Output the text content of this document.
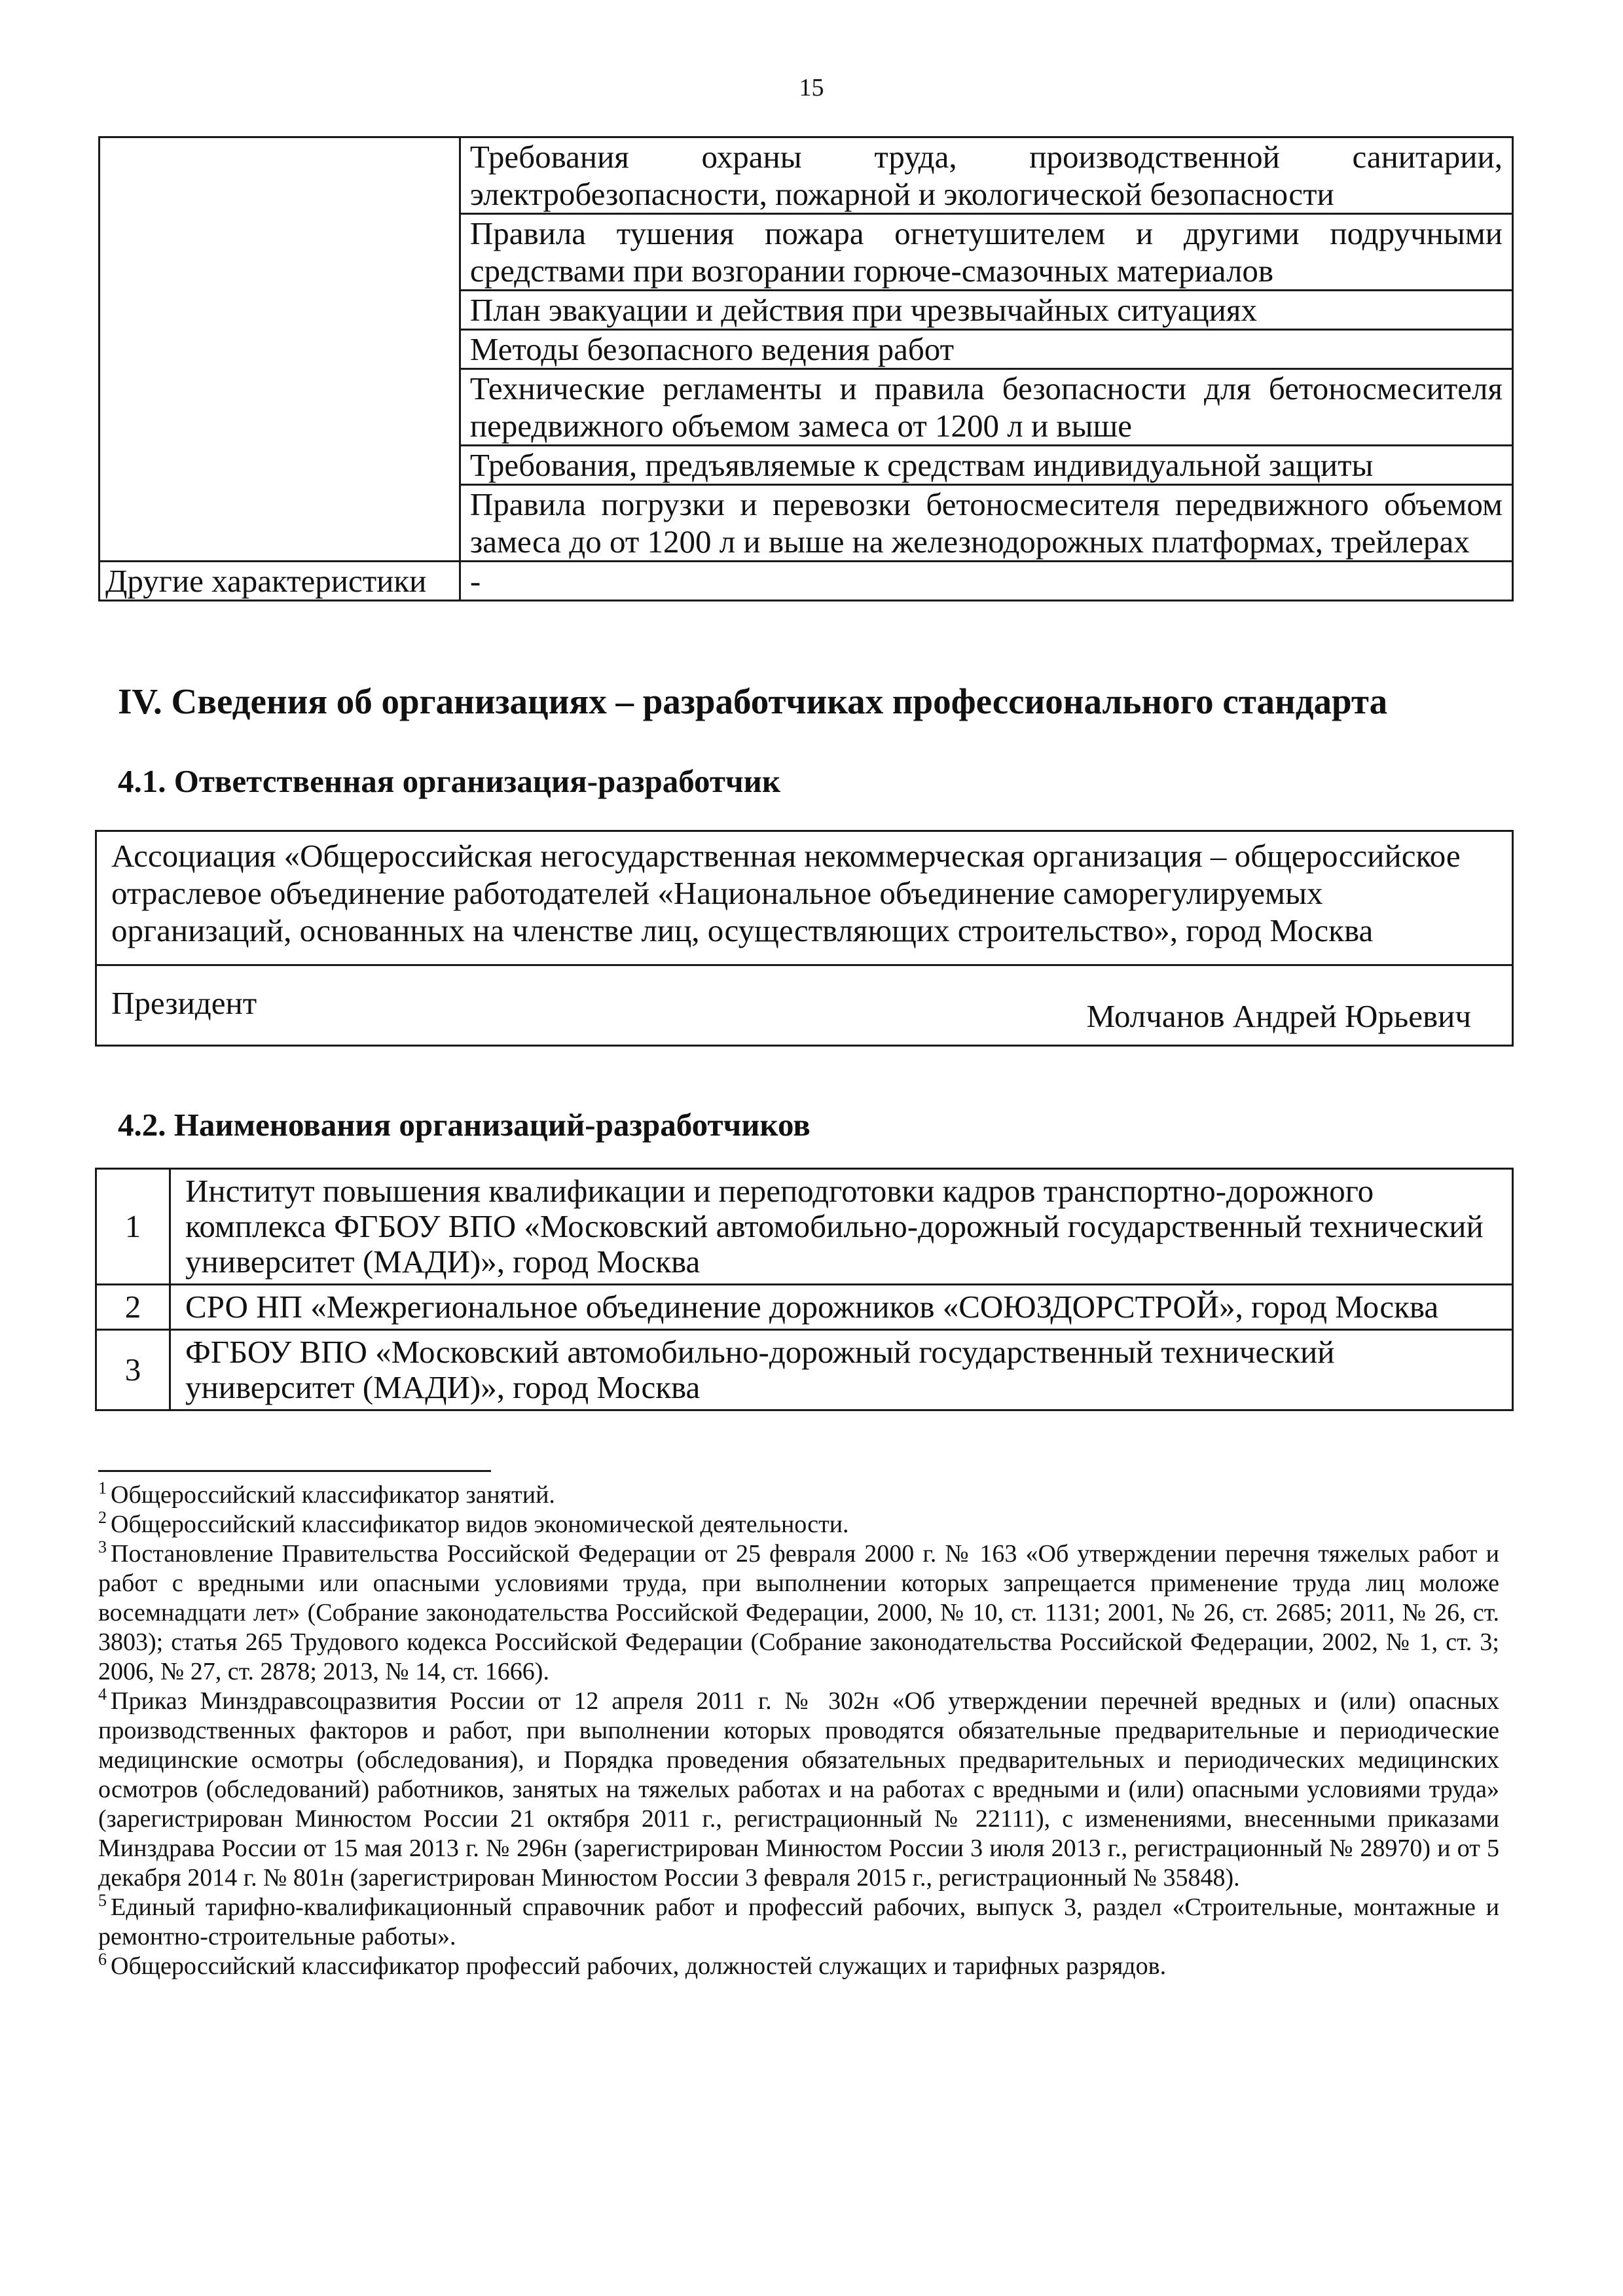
15
	Требования охраны труда, производственной санитарии, электробезопасности, пожарной и экологической безопасности
	Правила тушения пожара огнетушителем и другими подручными средствами при возгорании горюче-смазочных материалов
	План эвакуации и действия при чрезвычайных ситуациях
	Методы безопасного ведения работ
	Технические регламенты и правила безопасности для бетоносмесителя передвижного объемом замеса от 1200 л и выше
	Требования, предъявляемые к средствам индивидуальной защиты
	Правила погрузки и перевозки бетоносмесителя передвижного объемом замеса до от 1200 л и выше на железнодорожных платформах, трейлерах
Другие характеристики	-
IV. Сведения об организациях – разработчиках профессионального стандарта
4.1. Ответственная организация-разработчик
Ассоциация «Общероссийская негосударственная некоммерческая организация – общероссийское отраслевое объединение работодателей «Национальное объединение саморегулируемых организаций, основанных на членстве лиц, осуществляющих строительство», город Москва

Президент	Молчанов Андрей Юрьевич
4.2. Наименования организаций-разработчиков
1	Институт повышения квалификации и переподготовки кадров транспортно-дорожного комплекса ФГБОУ ВПО «Московский автомобильно-дорожный государственный технический университет (МАДИ)», город Москва
2	СРО НП «Межрегиональное объединение дорожников «СОЮЗДОРСТРОЙ», город Москва
3	ФГБОУ ВПО «Московский автомобильно-дорожный государственный технический университет (МАДИ)», город Москва

$^1$ Общероссийский классификатор занятий.

$^2$ Общероссийский классификатор видов экономической деятельности.

$^3$ Постановление Правительства Российской Федерации от 25 февраля 2000 г. № 163 «Об утверждении перечня тяжелых работ и работ с вредными или опасными условиями труда, при выполнении которых запрещается применение труда лиц моложе восемнадцати лет» (Собрание законодательства Российской Федерации, 2000, № 10, ст. 1131; 2001, № 26, ст. 2685; 2011, № 26, ст. 3803); статья 265 Трудового кодекса Российской Федерации (Собрание законодательства Российской Федерации, 2002, № 1, ст. 3; 2006, № 27, ст. 2878; 2013, № 14, ст. 1666).

$^4$ Приказ Минздравсоцразвития России от 12 апреля 2011 г. № 302н «Об утверждении перечней вредных и (или) опасных производственных факторов и работ, при выполнении которых проводятся обязательные предварительные и периодические медицинские осмотры (обследования), и Порядка проведения обязательных предварительных и периодических медицинских осмотров (обследований) работников, занятых на тяжелых работах и на работах с вредными и (или) опасными условиями труда» (зарегистрирован Минюстом России 21 октября 2011 г., регистрационный № 22111), с изменениями, внесенными приказами Минздрава России от 15 мая 2013 г. № 296н (зарегистрирован Минюстом России 3 июля 2013 г., регистрационный № 28970) и от 5 декабря 2014 г. № 801н (зарегистрирован Минюстом России 3 февраля 2015 г., регистрационный № 35848).

$^5$ Единый тарифно-квалификационный справочник работ и профессий рабочих, выпуск 3, раздел «Строительные, монтажные и ремонтно-строительные работы».

$^6$ Общероссийский классификатор профессий рабочих, должностей служащих и тарифных разрядов.
